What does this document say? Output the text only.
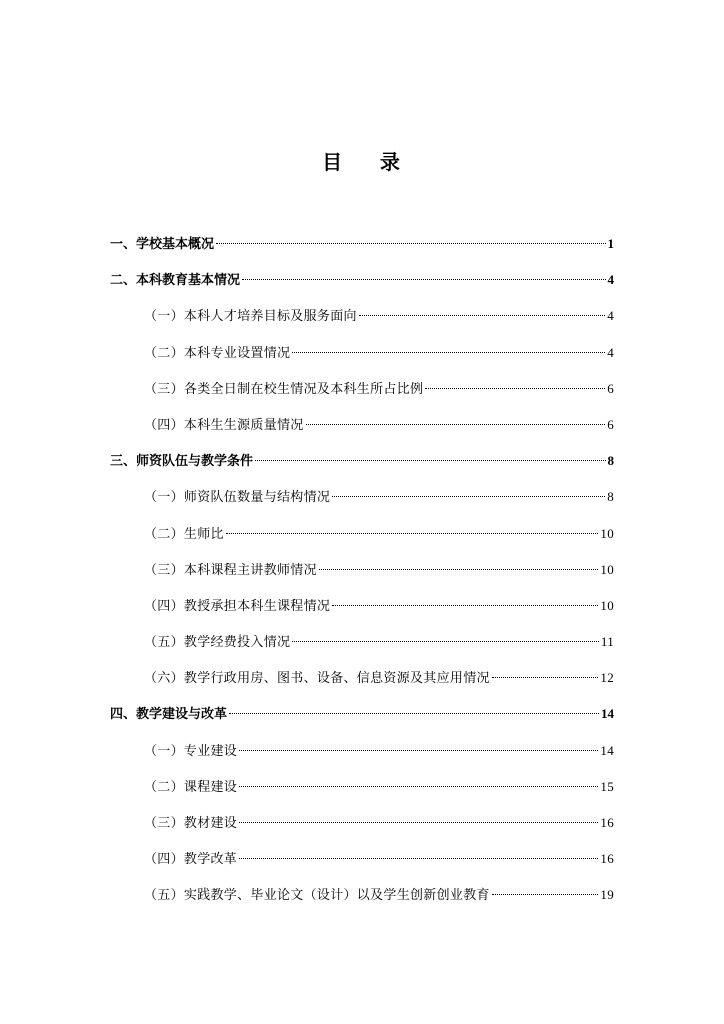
目    录
一、学校基本概况	1
二、本科教育基本情况	4
（一）本科人才培养目标及服务面向	4
（二）本科专业设置情况	4
（三）各类全日制在校生情况及本科生所占比例	6
（四）本科生生源质量情况	6
三、师资队伍与教学条件	8
（一）师资队伍数量与结构情况	8
（二）生师比	10
（三）本科课程主讲教师情况	10
（四）教授承担本科生课程情况	10
（五）教学经费投入情况	11
（六）教学行政用房、图书、设备、信息资源及其应用情况	12
四、教学建设与改革	14
（一）专业建设	14
（二）课程建设	15
（三）教材建设	16
（四）教学改革	16
（五）实践教学、毕业论文（设计）以及学生创新创业教育	19
